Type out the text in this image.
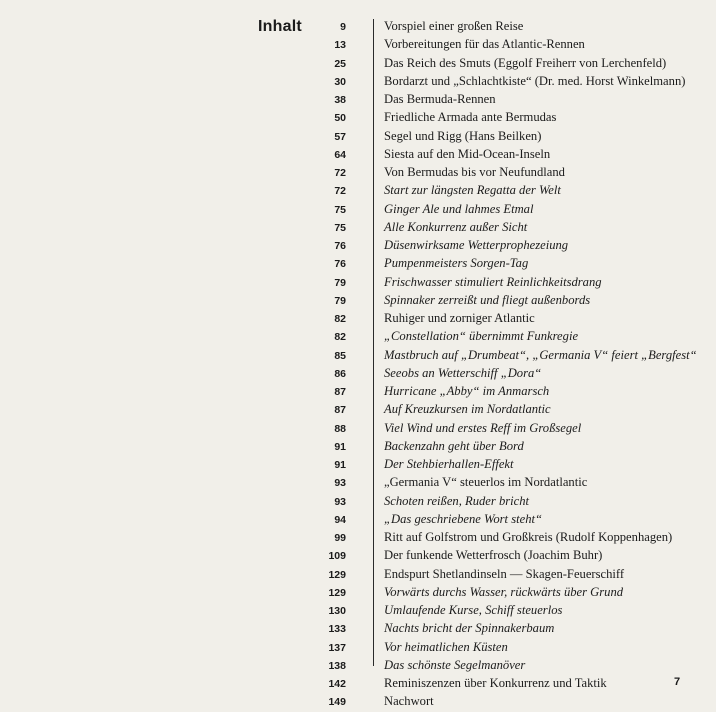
Inhalt	9	Vorspiel einer großen Reise
13	Vorbereitungen für das Atlantic-Rennen
25	Das Reich des Smuts (Eggolf Freiherr von Lerchenfeld)
30	Bordarzt und „Schlachtkiste“ (Dr. med. Horst Winkelmann)
38	Das Bermuda-Rennen
50	Friedliche Armada ante Bermudas
57	Segel und Rigg (Hans Beilken)
64	Siesta auf den Mid-Ocean-Inseln
72	Von Bermudas bis vor Neufundland
72	Start zur längsten Regatta der Welt
75	Ginger Ale und lahmes Etmal
75	Alle Konkurrenz außer Sicht
76	Düsenwirksame Wetterprophezeiung
76	Pumpenmeisters Sorgen-Tag
79	Frischwasser stimuliert Reinlichkeitsdrang
79	Spinnaker zerreißt und fliegt außenbords
82	Ruhiger und zorniger Atlantic
82	„Constellation“ übernimmt Funkregie
85	Mastbruch auf „Drumbeat“, „Germania V“ feiert „Bergfest“
86	Seeobs an Wetterschiff „Dora“
87	Hurricane „Abby“ im Anmarsch
87	Auf Kreuzkursen im Nordatlantic
88	Viel Wind und erstes Reff im Großsegel
91	Backenzahn geht über Bord
91	Der Stehbierhallen-Effekt
93	„Germania V“ steuerlos im Nordatlantic
93	Schoten reißen, Ruder bricht
94	„Das geschriebene Wort steht“
99	Ritt auf Golfstrom und Großkreis (Rudolf Koppenhagen)
109	Der funkende Wetterfrosch (Joachim Buhr)
129	Endspurt Shetlandinseln — Skagen-Feuerschiff
129	Vorwärts durchs Wasser, rückwärts über Grund
130	Umlaufende Kurse, Schiff steuerlos
133	Nachts bricht der Spinnakerbaum
137	Vor heimatlichen Küsten
138	Das schönste Segelmanöver
142	Reminiszenzen über Konkurrenz und Taktik
149	Nachwort
7
